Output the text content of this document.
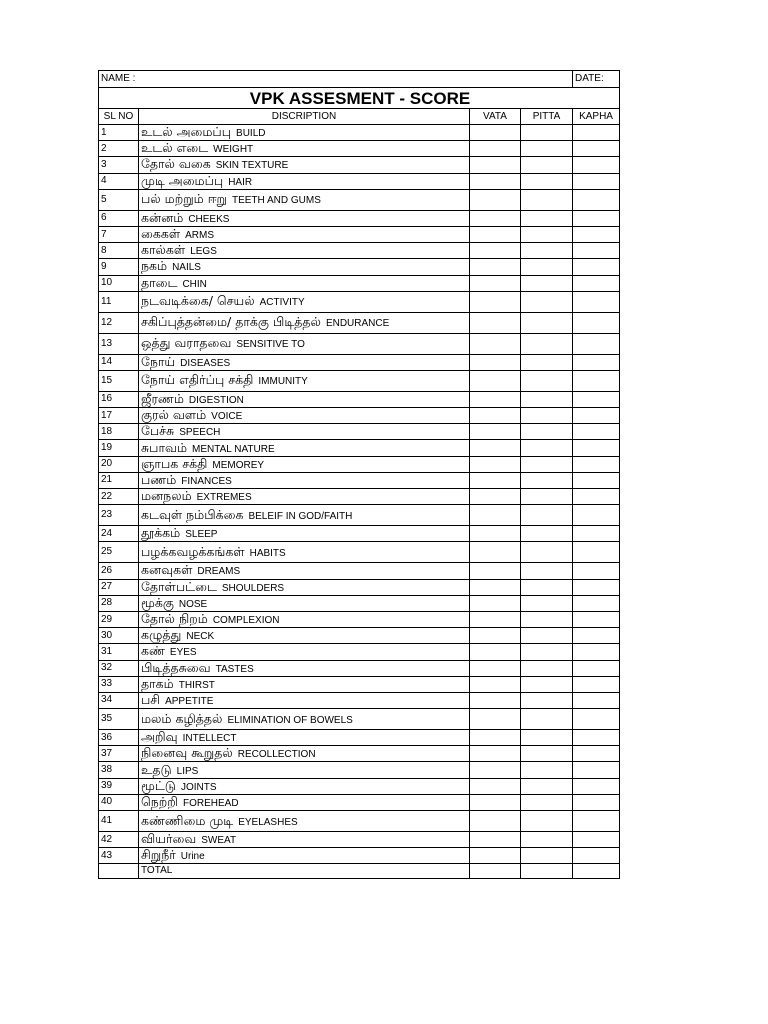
NAME :				DATE:
VPK ASSESMENT - SCORE				
SL NO	DISCRIPTION	VATA	PITTA	KAPHA
1	உடல் அமைப்பு BUILD			
2	உடல் எடை WEIGHT			
3	தோல் வகை SKIN TEXTURE			
4	முடி அமைப்பு HAIR			
5	பல் மற்றும் ஈறு TEETH AND GUMS			
6	கன்னம் CHEEKS			
7	கைகள் ARMS			
8	கால்கள் LEGS			
9	நகம் NAILS			
10	தாடை CHIN			
11	நடவடிக்கை/ செயல் ACTIVITY			
12	சகிப்புத்தன்மை/ தாக்கு பிடித்தல் ENDURANCE			
13	ஒத்து வராதவை SENSITIVE TO			
14	நோய் DISEASES			
15	நோய் எதிர்ப்பு சக்தி IMMUNITY			
16	ஜீரணம் DIGESTION			
17	குரல் வளம் VOICE			
18	பேச்சு SPEECH			
19	சுபாவம் MENTAL NATURE			
20	ஞாபக சக்தி MEMOREY			
21	பணம் FINANCES			
22	மனநலம் EXTREMES			
23	கடவுள் நம்பிக்கை BELEIF IN GOD/FAITH			
24	தூக்கம் SLEEP			
25	பழக்கவழக்கங்கள் HABITS			
26	கனவுகள் DREAMS			
27	தோள்பட்டை SHOULDERS			
28	மூக்கு NOSE			
29	தோல் நிறம் COMPLEXION			
30	கழுத்து NECK			
31	கண் EYES			
32	பிடித்தசுவை TASTES			
33	தாகம் THIRST			
34	பசி APPETITE			
35	மலம் கழித்தல் ELIMINATION OF BOWELS			
36	அறிவு INTELLECT			
37	நினைவு கூறுதல் RECOLLECTION			
38	உதடு LIPS			
39	மூட்டு JOINTS			
40	நெற்றி FOREHEAD			
41	கண்ணிமை முடி EYELASHES			
42	வியர்வை SWEAT			
43	சிறுநீர் Urine			
	TOTAL			
